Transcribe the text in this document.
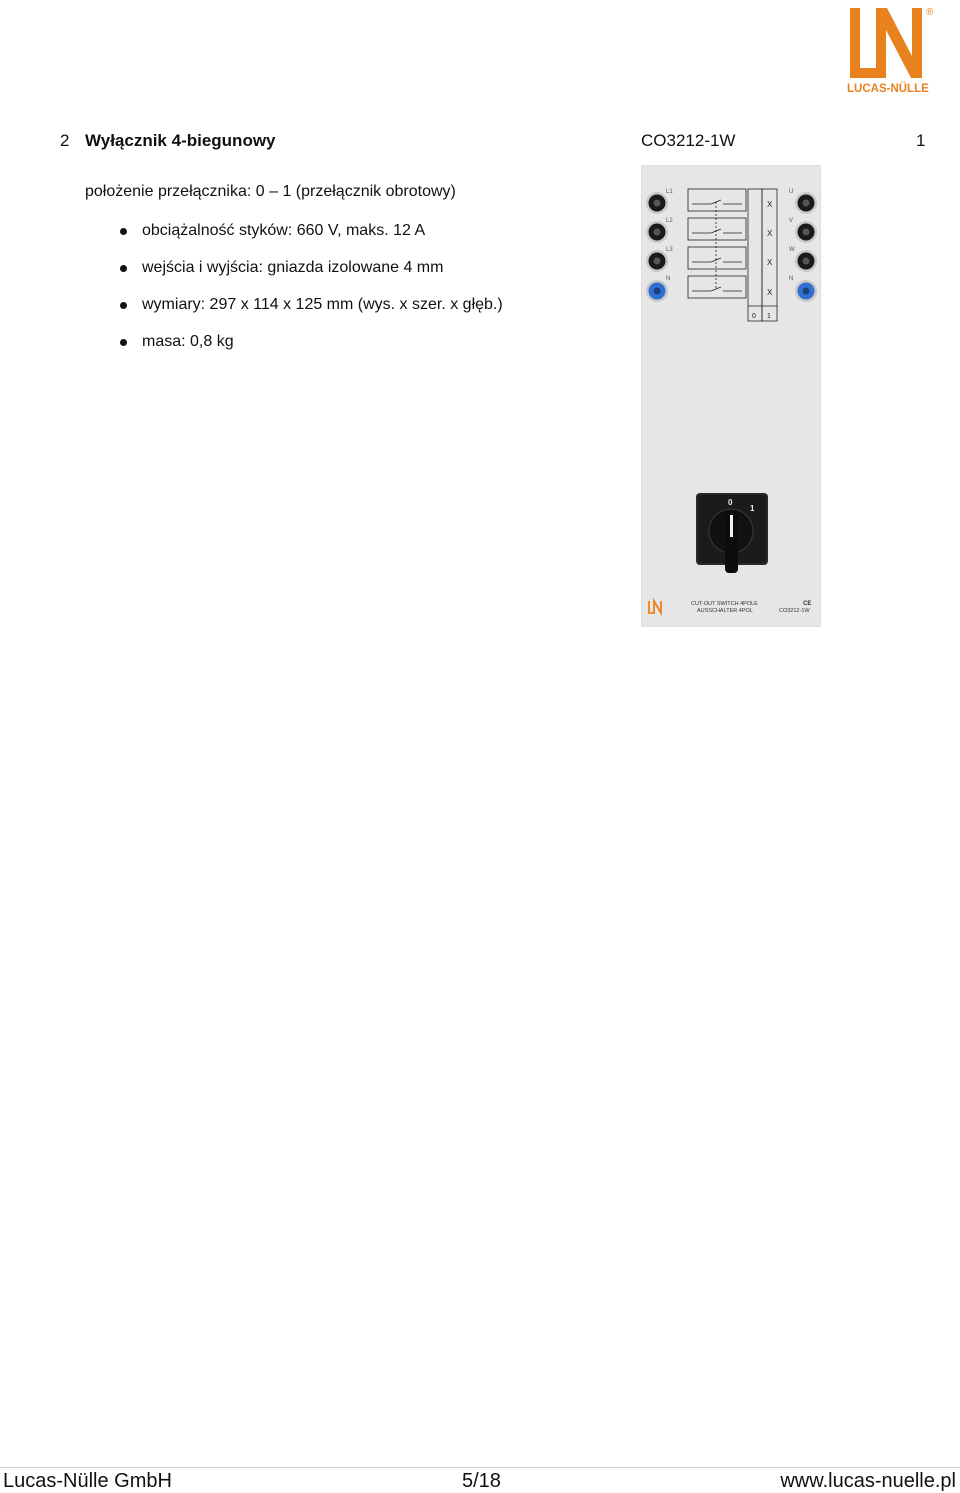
®
LUCAS-NÜLLE
2 Wyłącznik 4-biegunowy	CO3212-1W	1
położenie przełącznika: 0 – 1 (przełącznik obrotowy)
obciążalność styków: 660 V, maks. 12 A
wejścia i wyjścia: gniazda izolowane 4 mm
wymiary: 297 x 114 x 125 mm (wys. x szer. x głęb.)
masa: 0,8 kg
L1
L2
L3
N
U
V
W
N
X
X
X
X
0 1
0
1
CUT-OUT SWITCH 4POLE
AUSSCHALTER 4POL
CE
CO3212-1W
Lucas-Nülle GmbH	5/18	www.lucas-nuelle.pl
